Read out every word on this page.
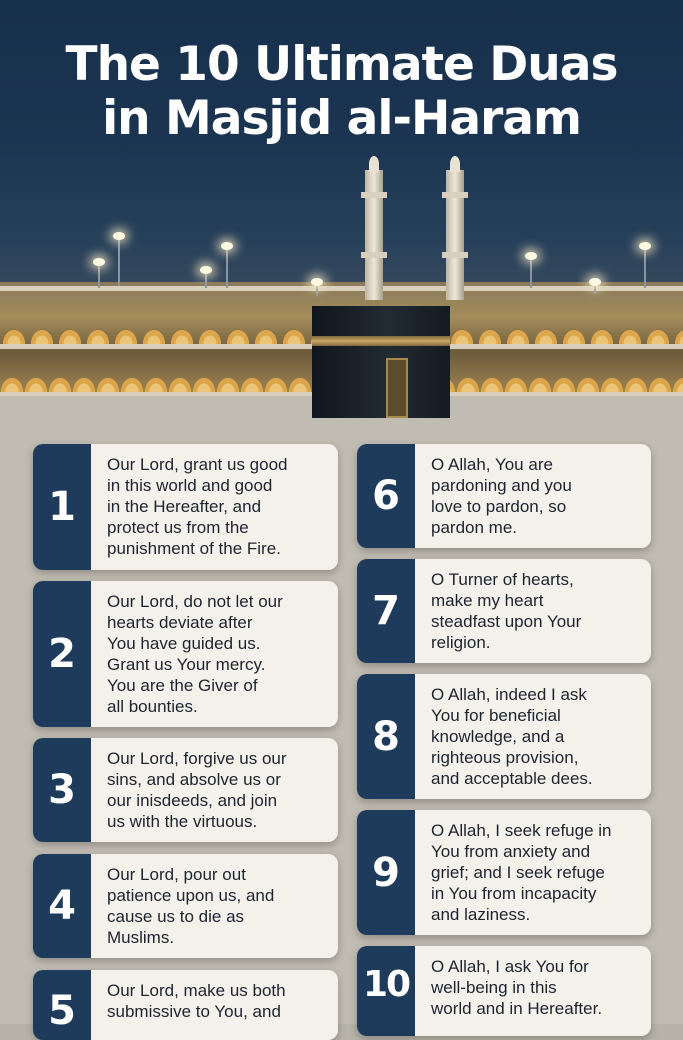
The 10 Ultimate Duas
in Masjid al-Haram
1
Our Lord, grant us good
in this world and good
in the Hereafter, and
protect us from the
punishment of the Fire.
2
Our Lord, do not let our
hearts deviate after
You have guided us.
Grant us Your mercy.
You are the Giver of
all bounties.
3
Our Lord, forgive us our
sins, and absolve us or
our inisdeeds, and join
us with the virtuous.
4
Our Lord, pour out
patience upon us, and
cause us to die as
Muslims.
5	Our Lord, make us both
submissive to You, and
6
O Allah, You are
pardoning and you
love to pardon, so
pardon me.
7
O Turner of hearts,
make my heart
steadfast upon Your
religion.
8
O Allah, indeed I ask
You for beneficial
knowledge, and a
righteous provision,
and acceptable dees.
9
O Allah, I seek refuge in
You from anxiety and
grief; and I seek refuge
in You from incapacity
and laziness.
10	O Allah, I ask You for
well-being in this
world and in Hereafter.
